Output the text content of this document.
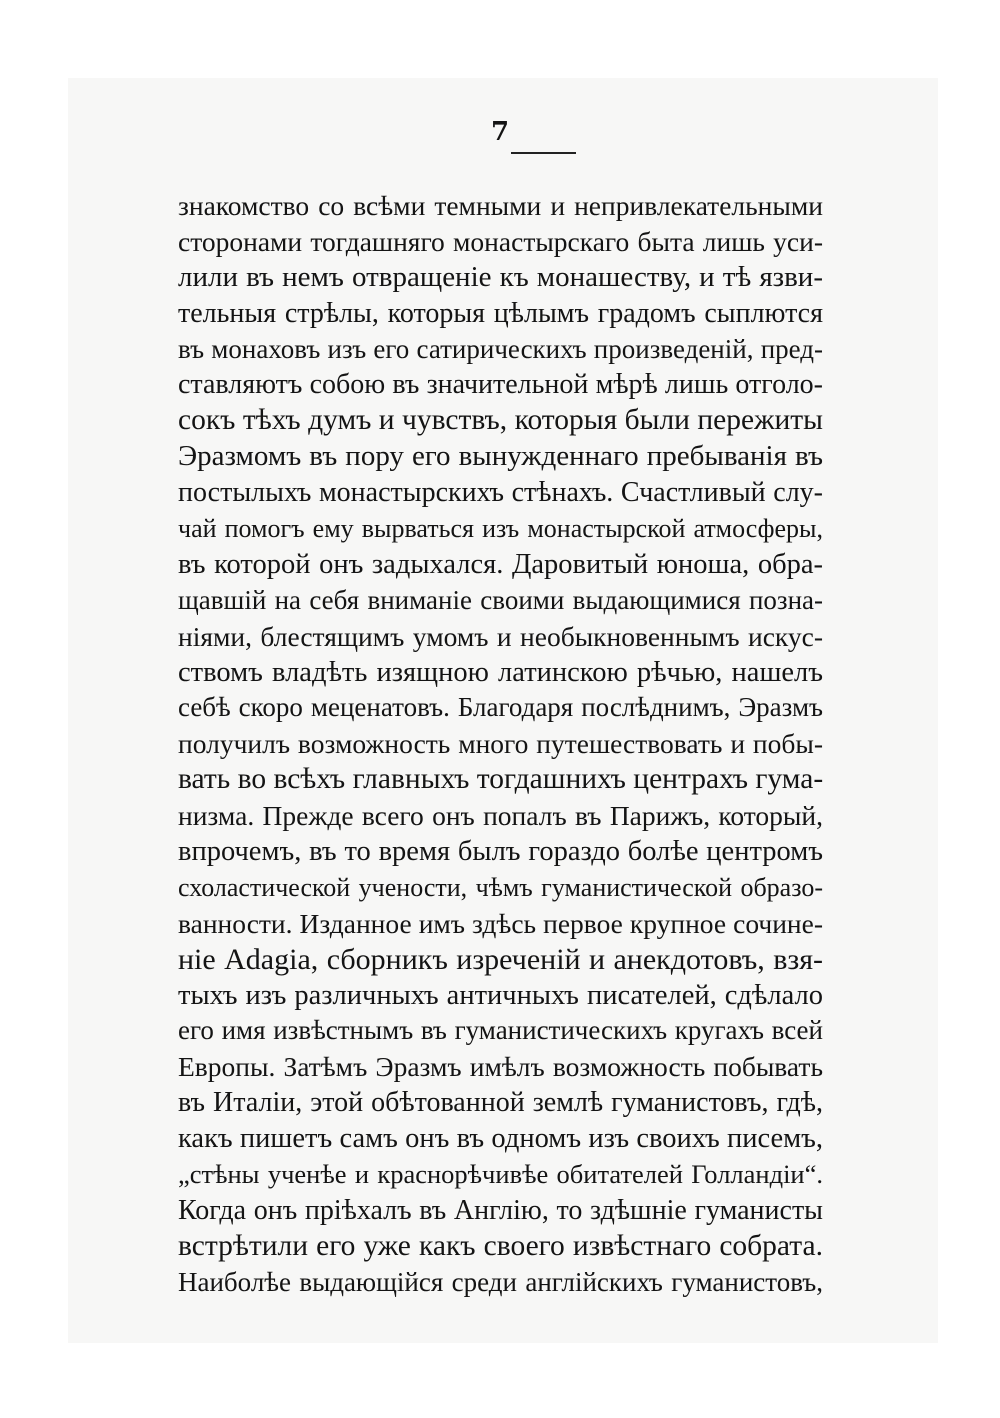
7
знакомство со всѣми темными и непривлекательными
сторонами тогдашняго монастырскаго быта лишь уси-
лили въ немъ отвращеніе къ монашеству, и тѣ язви-
тельныя стрѣлы, которыя цѣлымъ градомъ сыплются
въ монаховъ изъ его сатирическихъ произведеній, пред-
ставляютъ собою въ значительной мѣрѣ лишь отголо-
сокъ тѣхъ думъ и чувствъ, которыя были пережиты
Эразмомъ въ пору его вынужденнаго пребыванія въ
постылыхъ монастырскихъ стѣнахъ. Счастливый слу-
чай помогъ ему вырваться изъ монастырской атмосферы,
въ которой онъ задыхался. Даровитый юноша, обра-
щавшій на себя вниманіе своими выдающимися позна-
ніями, блестящимъ умомъ и необыкновеннымъ искус-
ствомъ владѣть изящною латинскою рѣчью, нашелъ
себѣ скоро меценатовъ. Благодаря послѣднимъ, Эразмъ
получилъ возможность много путешествовать и побы-
вать во всѣхъ главныхъ тогдашнихъ центрахъ гума-
низма. Прежде всего онъ попалъ въ Парижъ, который,
впрочемъ, въ то время былъ гораздо болѣе центромъ
схоластической учености, чѣмъ гуманистической образо-
ванности. Изданное имъ здѣсь первое крупное сочине-
ніе Adagia, сборникъ изреченій и анекдотовъ, взя-
тыхъ изъ различныхъ античныхъ писателей, сдѣлало
его имя извѣстнымъ въ гуманистическихъ кругахъ всей
Европы. Затѣмъ Эразмъ имѣлъ возможность побывать
въ Италіи, этой обѣтованной землѣ гуманистовъ, гдѣ,
какъ пишетъ самъ онъ въ одномъ изъ своихъ писемъ,
„стѣны ученѣе и краснорѣчивѣе обитателей Голландіи“.
Когда онъ пріѣхалъ въ Англію, то здѣшніе гуманисты
встрѣтили его уже какъ своего извѣстнаго собрата.
Наиболѣе выдающійся среди англійскихъ гуманистовъ,
